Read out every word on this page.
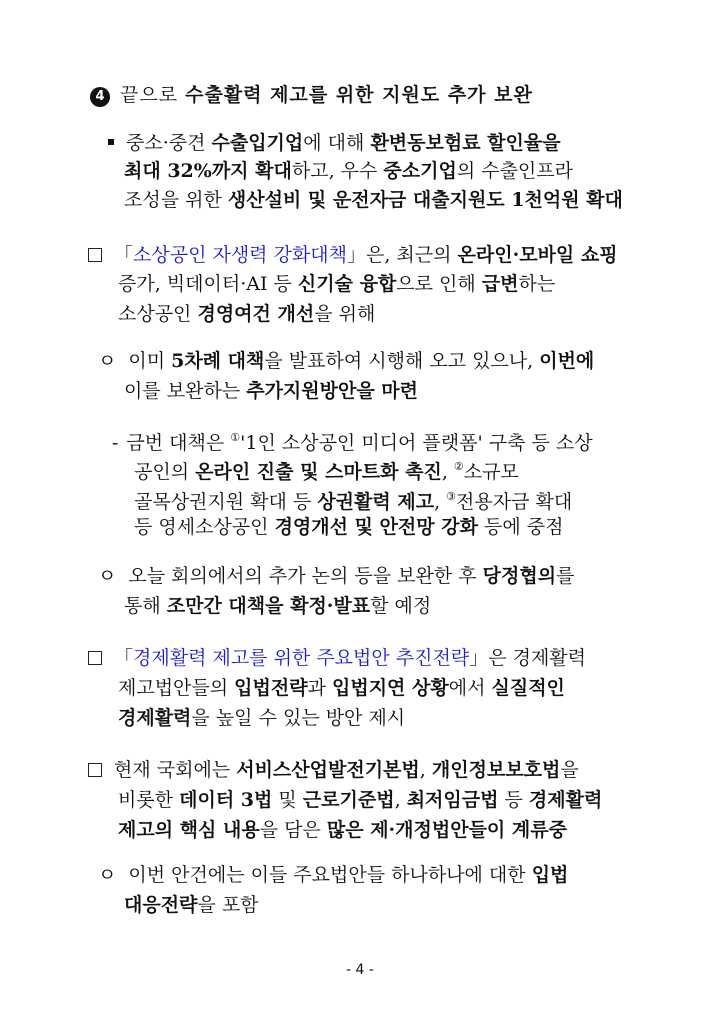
4 끝으로 수출활력 제고를 위한 지원도 추가 보완
중소·중견 수출입기업에 대해 환변동보험료 할인율을
최대 32%까지 확대하고, 우수 중소기업의 수출인프라
조성을 위한 생산설비 및 운전자금 대출지원도 1천억원 확대
「소상공인 자생력 강화대책」은, 최근의 온라인·모바일 쇼핑
증가, 빅데이터·AI 등 신기술 융합으로 인해 급변하는
소상공인 경영여건 개선을 위해
ㅇ 이미 5차례 대책을 발표하여 시행해 오고 있으나, 이번에
이를 보완하는 추가지원방안을 마련
- 금번 대책은 ①'1인 소상공인 미디어 플랫폼' 구축 등 소상
공인의 온라인 진출 및 스마트화 촉진, ②소규모
골목상권지원 확대 등 상권활력 제고, ③전용자금 확대
등 영세소상공인 경영개선 및 안전망 강화 등에 중점
ㅇ 오늘 회의에서의 추가 논의 등을 보완한 후 당정협의를
통해 조만간 대책을 확정·발표할 예정
「경제활력 제고를 위한 주요법안 추진전략」은 경제활력
제고법안들의 입법전략과 입법지연 상황에서 실질적인
경제활력을 높일 수 있는 방안 제시
현재 국회에는 서비스산업발전기본법, 개인정보보호법을
비롯한 데이터 3법 및 근로기준법, 최저임금법 등 경제활력
제고의 핵심 내용을 담은 많은 제·개정법안들이 계류중
ㅇ 이번 안건에는 이들 주요법안들 하나하나에 대한 입법
대응전략을 포함
- 4 -
